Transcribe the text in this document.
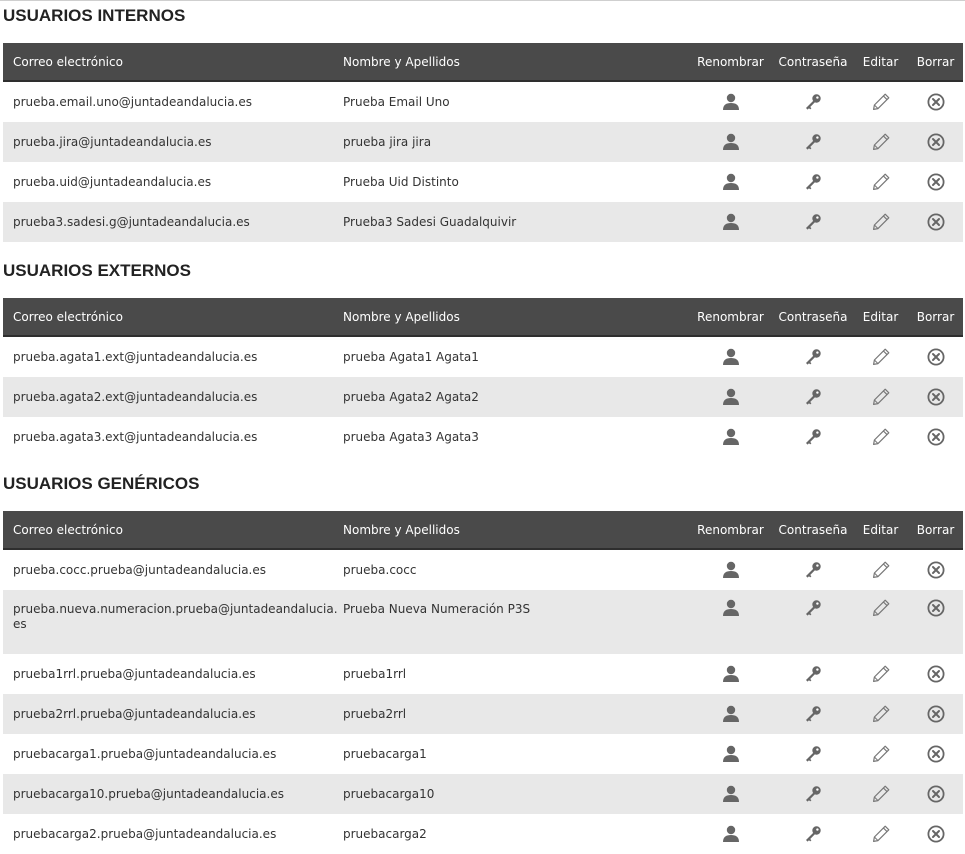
USUARIOS INTERNOS
Correo electrónico	Nombre y Apellidos	Renombrar	Contraseña	Editar	Borrar

prueba.email.uno@juntadeandalucia.es	Prueba Email Uno	

prueba.jira@juntadeandalucia.es	prueba jira jira	

prueba.uid@juntadeandalucia.es	Prueba Uid Distinto	

prueba3.sadesi.g@juntadeandalucia.es	Prueba3 Sadesi Guadalquivir	

USUARIOS EXTERNOS
Correo electrónico	Nombre y Apellidos	Renombrar	Contraseña	Editar	Borrar

prueba.agata1.ext@juntadeandalucia.es	prueba Agata1 Agata1	

prueba.agata2.ext@juntadeandalucia.es	prueba Agata2 Agata2	

prueba.agata3.ext@juntadeandalucia.es	prueba Agata3 Agata3	

USUARIOS GENÉRICOS
Correo electrónico	Nombre y Apellidos	Renombrar	Contraseña	Editar	Borrar

prueba.cocc.prueba@juntadeandalucia.es	prueba.cocc	

prueba.nueva.numeracion.prueba@juntadeandalucia.es	Prueba Nueva Numeración P3S	

prueba1rrl.prueba@juntadeandalucia.es	prueba1rrl	

prueba2rrl.prueba@juntadeandalucia.es	prueba2rrl	

pruebacarga1.prueba@juntadeandalucia.es	pruebacarga1	

pruebacarga10.prueba@juntadeandalucia.es	pruebacarga10	

pruebacarga2.prueba@juntadeandalucia.es	pruebacarga2	
